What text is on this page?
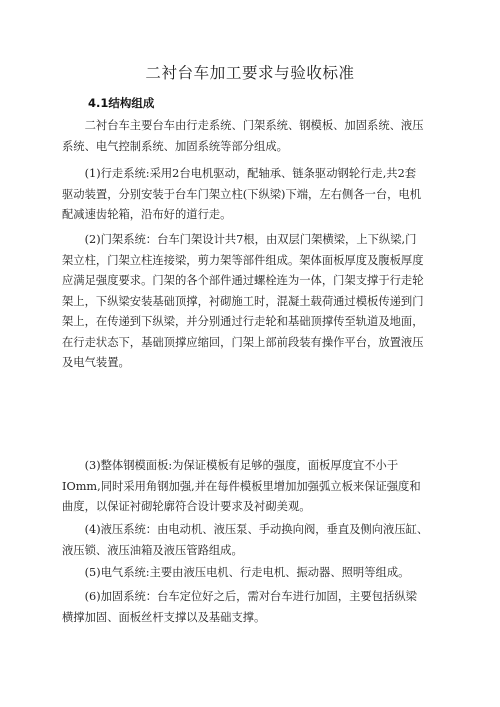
二衬台车加工要求与验收标准
4.1结构组成
　　二衬台车主要台车由行走系统、门架系统、钢模板、加固系统、液压
系统、电气控制系统、加固系统等部分组成。
　　(1)行走系统:采用2台电机驱动，配轴承、链条驱动钢轮行走,共2套
驱动装置，分别安装于台车门架立柱(下纵梁)下端，左右侧各一台，电机
配减速齿轮箱，沿布好的道行走。
　　(2)门架系统：台车门架设计共7根，由双层门架横梁，上下纵梁,门
架立柱，门架立柱连接梁，剪力架等部件组成。架体面板厚度及腹板厚度
应满足强度要求。门架的各个部件通过螺栓连为一体，门架支撑于行走轮
架上，下纵梁安装基础顶撑，衬砌施工时，混凝土载荷通过模板传递到门
架上，在传递到下纵梁，并分别通过行走轮和基础顶撑传至轨道及地面，
在行走状态下，基础顶撑应缩回，门架上部前段装有操作平台，放置液压
及电气装置。
　　(3)整体钢模面板:为保证模板有足够的强度，面板厚度宜不小于
IOmm,同时采用角钢加强,并在每件模板里增加加强弧立板来保证强度和
曲度，以保证衬砌轮廓符合设计要求及衬砌美观。
　　(4)液压系统：由电动机、液压泵、手动换向阀，垂直及侧向液压缸、
液压锁、液压油箱及液压管路组成。
　　(5)电气系统:主要由液压电机、行走电机、振动器、照明等组成。
　　(6)加固系统：台车定位好之后，需对台车进行加固，主要包括纵梁
横撑加固、面板丝杆支撑以及基础支撑。
